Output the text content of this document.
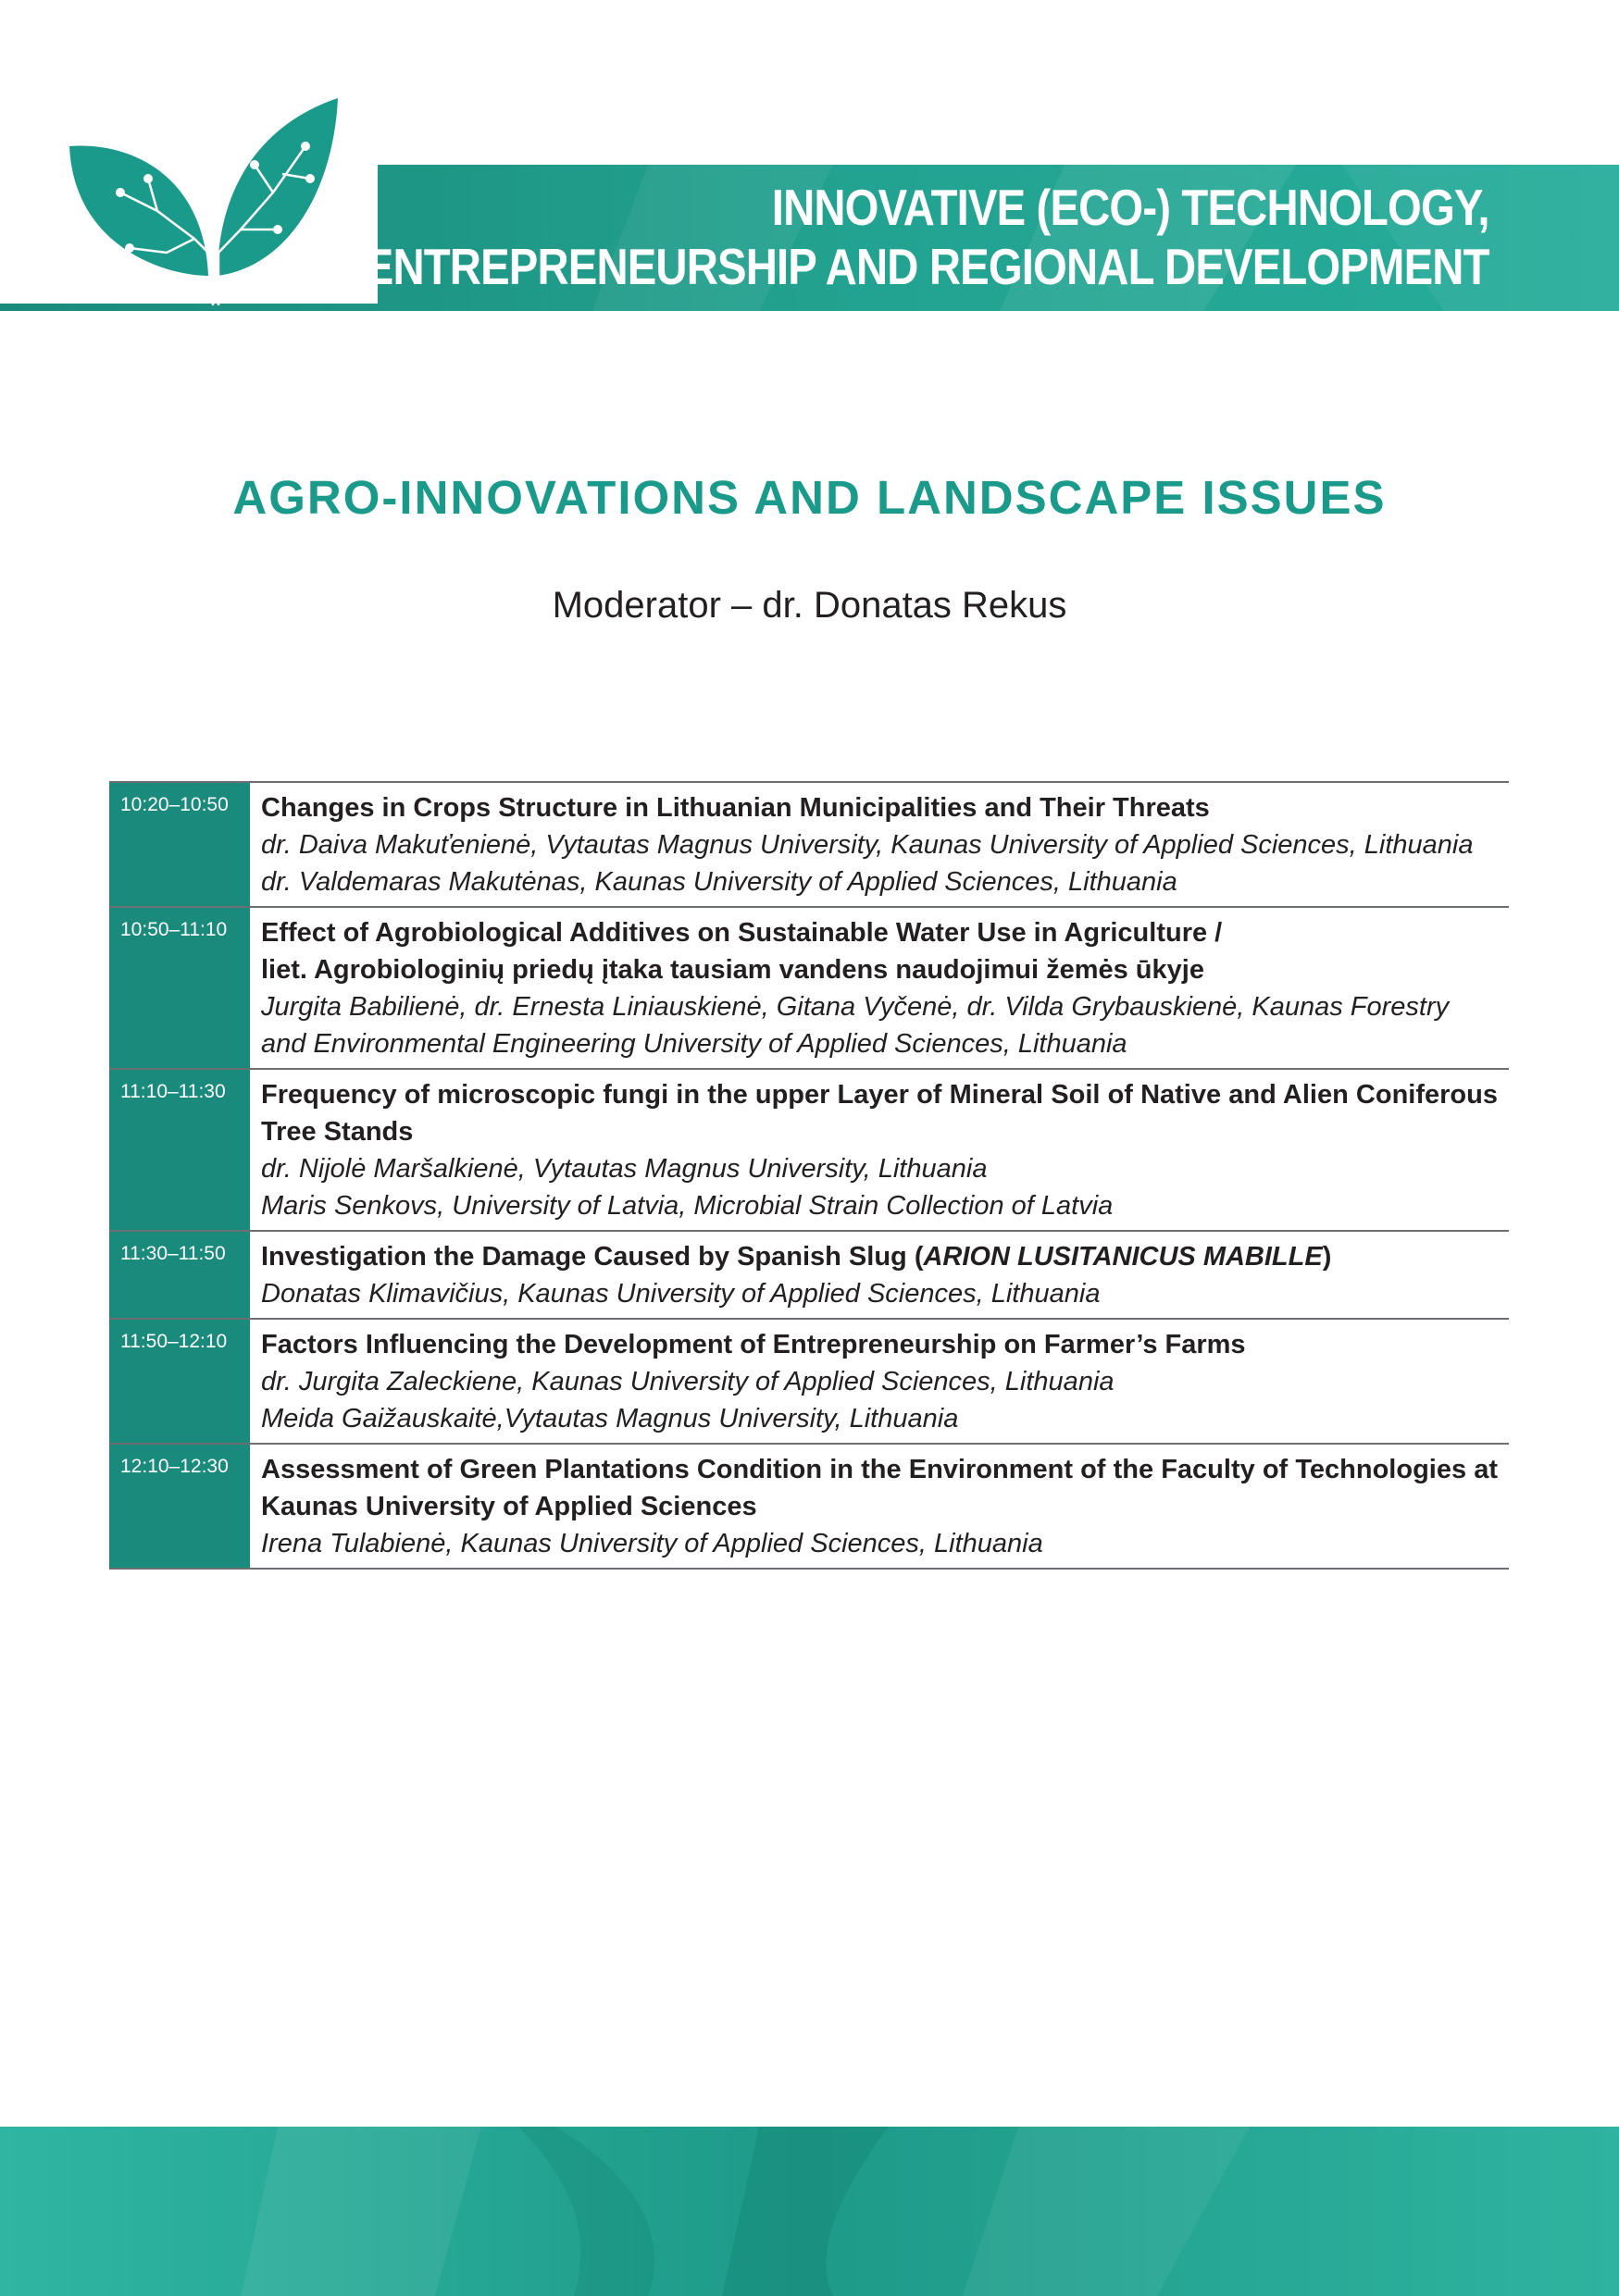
INNOVATIVE (ECO-) TECHNOLOGY,
ENTREPRENEURSHIP AND REGIONAL DEVELOPMENT
AGRO-INNOVATIONS AND LANDSCAPE ISSUES
Moderator – dr. Donatas Rekus
10:20–10:50	Changes in Crops Structure in Lithuanian Municipalities and Their Threats
dr. Daiva Makuťenienė, Vytautas Magnus University, Kaunas University of Applied Sciences, Lithuania
dr. Valdemaras Makutėnas, Kaunas University of Applied Sciences, Lithuania
10:50–11:10	Effect of Agrobiological Additives on Sustainable Water Use in Agriculture /
liet. Agrobiologinių priedų įtaka tausiam vandens naudojimui žemės ūkyje
Jurgita Babilienė, dr. Ernesta Liniauskienė, Gitana Vyčenė, dr. Vilda Grybauskienė, Kaunas Forestry and Environmental Engineering University of Applied Sciences, Lithuania
11:10–11:30	Frequency of microscopic fungi in the upper Layer of Mineral Soil of Native and Alien Coniferous Tree Stands
dr. Nijolė Maršalkienė, Vytautas Magnus University, Lithuania
Maris Senkovs, University of Latvia, Microbial Strain Collection of Latvia
11:30–11:50	Investigation the Damage Caused by Spanish Slug (ARION LUSITANICUS MABILLE)
Donatas Klimavičius, Kaunas University of Applied Sciences, Lithuania
11:50–12:10	Factors Influencing the Development of Entrepreneurship on Farmer’s Farms
dr. Jurgita Zaleckiene, Kaunas University of Applied Sciences, Lithuania
Meida Gaižauskaitė,Vytautas Magnus University, Lithuania
12:10–12:30	Assessment of Green Plantations Condition in the Environment of the Faculty of Technologies at Kaunas University of Applied Sciences
Irena Tulabienė, Kaunas University of Applied Sciences, Lithuania
